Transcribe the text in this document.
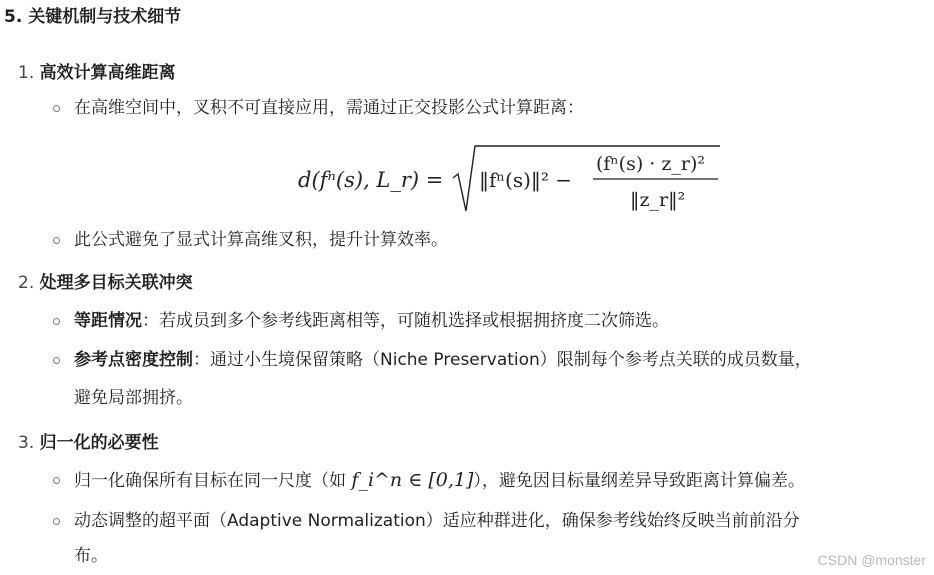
5. 关键机制与技术细节
1. 高效计算高维距离
在高维空间中，叉积不可直接应用，需通过正交投影公式计算距离：
d(fⁿ(s), L_r) = ‖fⁿ(s)‖² −
(fⁿ(s) · z_r)²
‖z_r‖²
此公式避免了显式计算高维叉积，提升计算效率。
2. 处理多目标关联冲突
等距情况：若成员到多个参考线距离相等，可随机选择或根据拥挤度二次筛选。
参考点密度控制：通过小生境保留策略（Niche Preservation）限制每个参考点关联的成员数量，
避免局部拥挤。
3. 归一化的必要性
归一化确保所有目标在同一尺度（如 f_i^n ∈ [0,1]），避免因目标量纲差异导致距离计算偏差。
动态调整的超平面（Adaptive Normalization）适应种群进化，确保参考线始终反映当前前沿分
布。	CSDN @monster
